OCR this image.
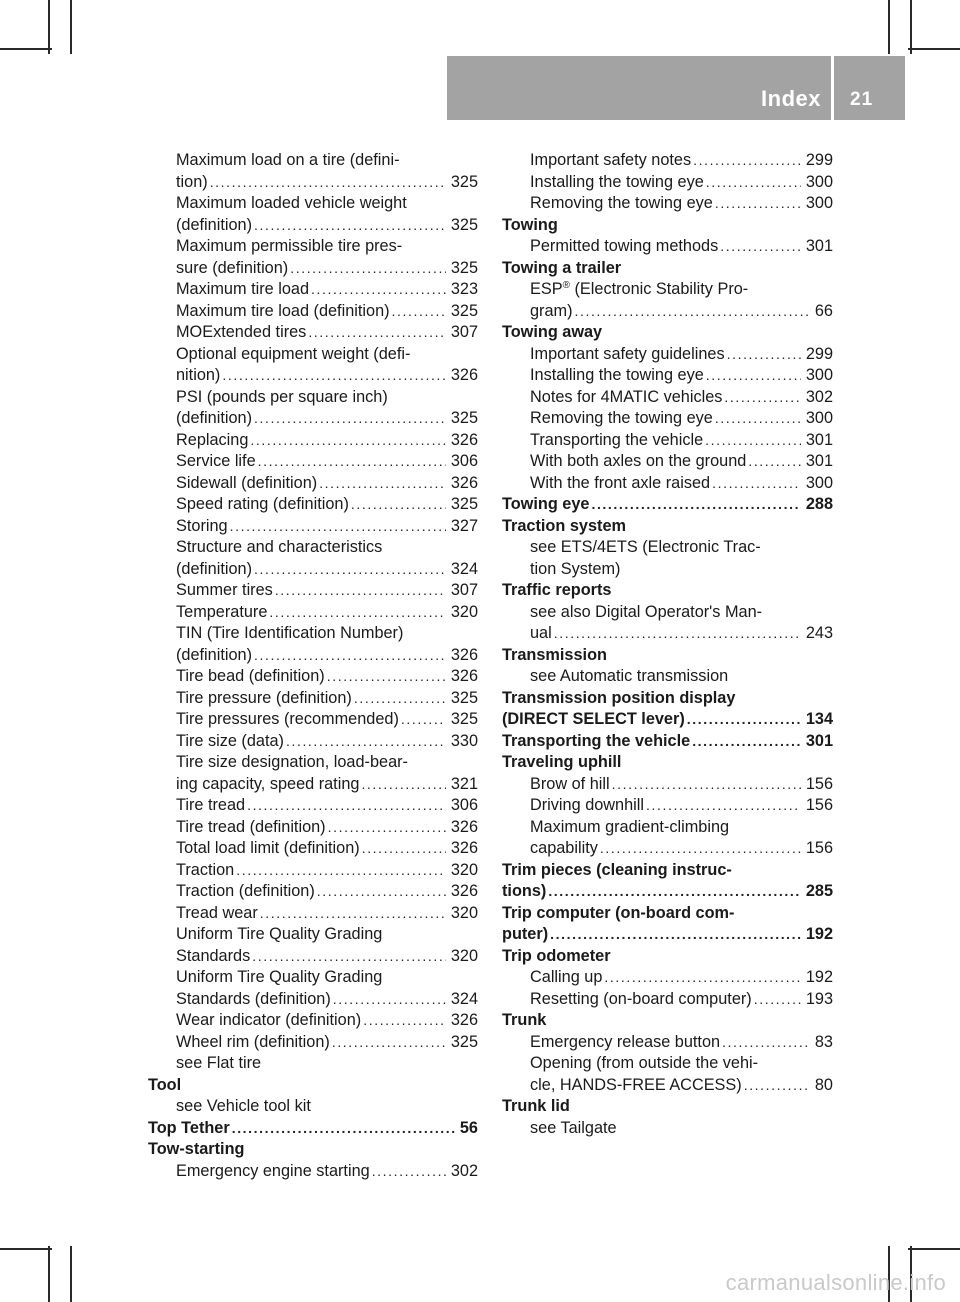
Index 21
Maximum load on a tire (defini-
tion) .....	325
Maximum loaded vehicle weight
(definition) .....	325
Maximum permissible tire pres-
sure (definition) .....	325
Maximum tire load .....	323
Maximum tire load (definition) .....	325
MOExtended tires .....	307
Optional equipment weight (defi-
nition) .....	326
PSI (pounds per square inch)
(definition) .....	325
Replacing .....	326
Service life .....	306
Sidewall (definition) .....	326
Speed rating (definition) .....	325
Storing .....	327
Structure and characteristics
(definition) .....	324
Summer tires .....	307
Temperature .....	320
TIN (Tire Identification Number)
(definition) .....	326
Tire bead (definition) .....	326
Tire pressure (definition) .....	325
Tire pressures (recommended) .....	325
Tire size (data) .....	330
Tire size designation, load-bear-
ing capacity, speed rating .....	321
Tire tread .....	306
Tire tread (definition) .....	326
Total load limit (definition) .....	326
Traction .....	320
Traction (definition) .....	326
Tread wear .....	320
Uniform Tire Quality Grading
Standards .....	320
Uniform Tire Quality Grading
Standards (definition) .....	324
Wear indicator (definition) .....	326
Wheel rim (definition) .....	325
see Flat tire
Tool
see Vehicle tool kit
Top Tether .....	56
Tow-starting
Emergency engine starting .....	302
Important safety notes .....	299
Installing the towing eye .....	300
Removing the towing eye .....	300
Towing
Permitted towing methods .....	301
Towing a trailer
ESP® (Electronic Stability Pro-
gram) .....	66
Towing away
Important safety guidelines .....	299
Installing the towing eye .....	300
Notes for 4MATIC vehicles .....	302
Removing the towing eye .....	300
Transporting the vehicle .....	301
With both axles on the ground .....	301
With the front axle raised .....	300
Towing eye .....	288
Traction system
see ETS/4ETS (Electronic Trac-
tion System)
Traffic reports
see also Digital Operator's Man-
ual .....	243
Transmission
see Automatic transmission
Transmission position display
(DIRECT SELECT lever) .....	134
Transporting the vehicle .....	301
Traveling uphill
Brow of hill .....	156
Driving downhill .....	156
Maximum gradient-climbing
capability .....	156
Trim pieces (cleaning instruc-
tions) .....	285
Trip computer (on-board com-
puter) .....	192
Trip odometer
Calling up .....	192
Resetting (on-board computer) .....	193
Trunk
Emergency release button .....	83
Opening (from outside the vehi-
cle, HANDS-FREE ACCESS) .....	80
Trunk lid
see Tailgate
carmanualsonline.info
